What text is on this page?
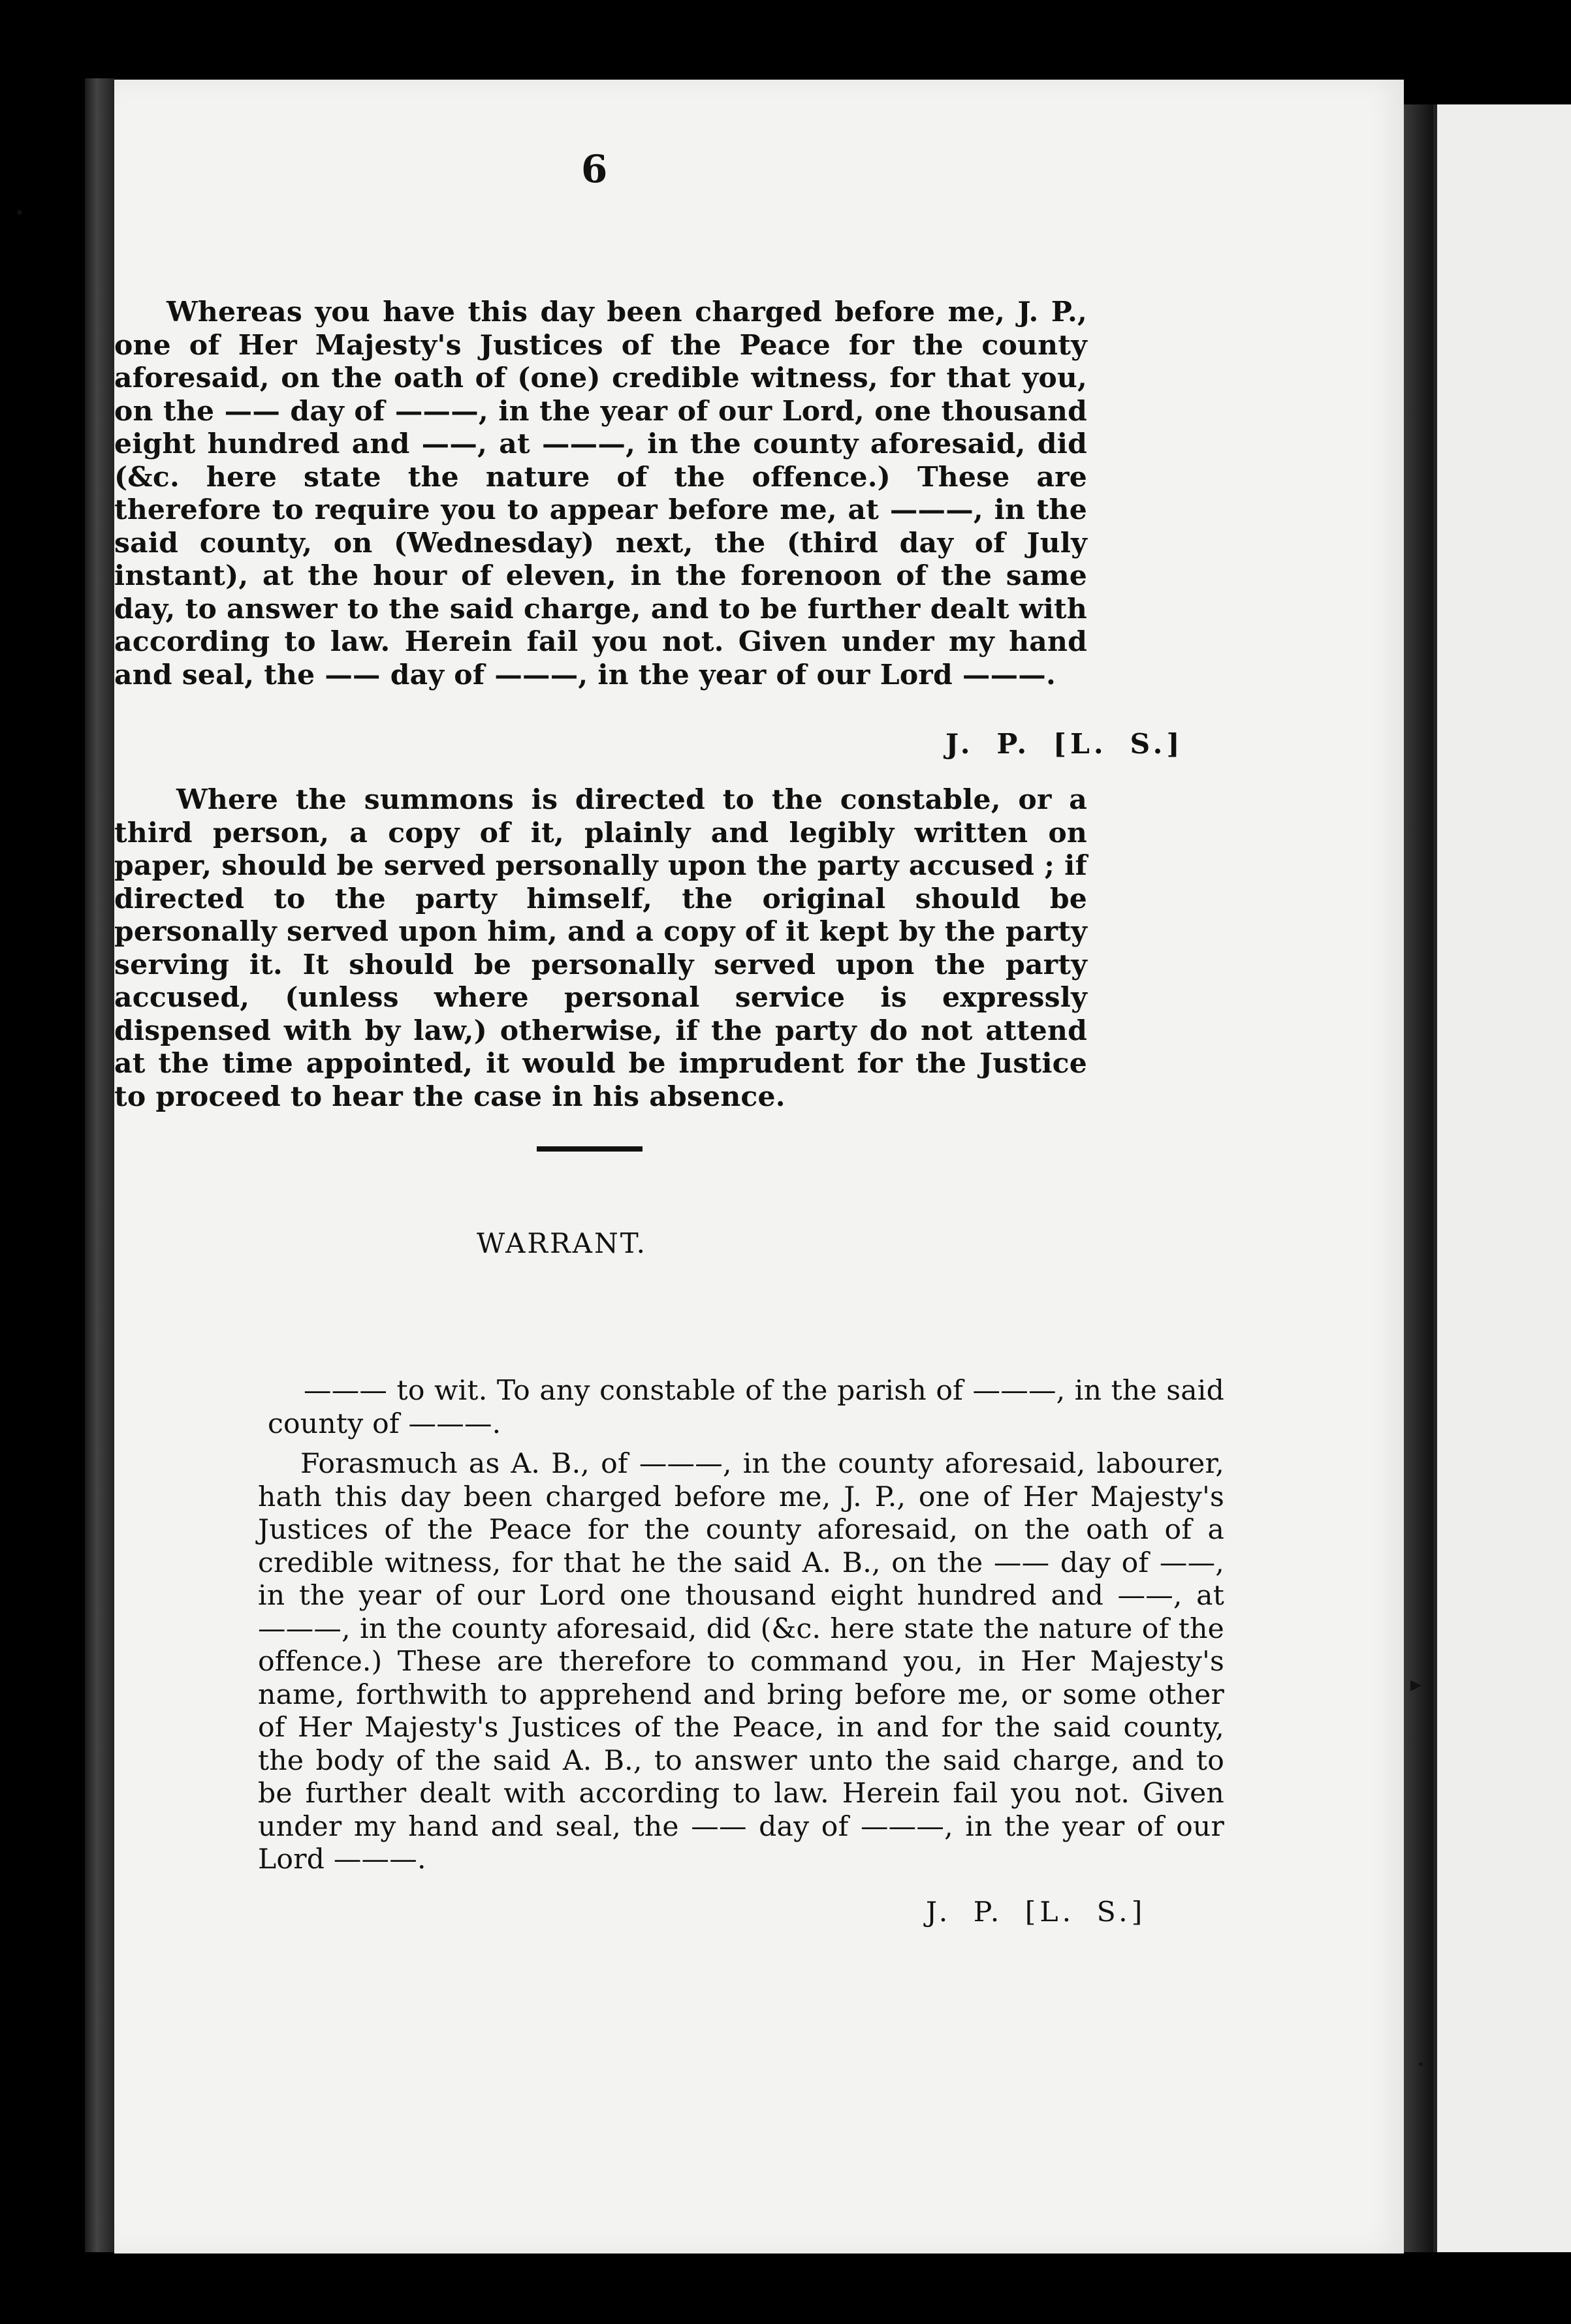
•
▸
•

6

Whereas you have this day been charged before me, J. P., one of Her Majesty's Justices of the Peace for the county aforesaid, on the oath of (one) credible witness, for that you, on the —— day of ———, in the year of our Lord, one thousand eight hundred and ——, at ———, in the county aforesaid, did (&c. here state the nature of the offence.) These are therefore to require you to appear before me, at ———, in the said county, on (Wednesday) next, the (third day of July instant), at the hour of eleven, in the forenoon of the same day, to answer to the said charge, and to be further dealt with according to law. Herein fail you not. Given under my hand and seal, the —— day of ———, in the year of our Lord ———.

J. P. [L. S.]

Where the summons is directed to the constable, or a third person, a copy of it, plainly and legibly written on paper, should be served personally upon the party accused ; if directed to the party himself, the original should be personally served upon him, and a copy of it kept by the party serving it. It should be personally served upon the party accused, (unless where personal service is expressly dispensed with by law,) otherwise, if the party do not attend at the time appointed, it would be imprudent for the Justice to proceed to hear the case in his absence.

WARRANT.

——— to wit. To any constable of the parish of ———, in the said county of ———.

Forasmuch as A. B., of ———, in the county aforesaid, labourer, hath this day been charged before me, J. P., one of Her Majesty's Justices of the Peace for the county aforesaid, on the oath of a credible witness, for that he the said A. B., on the —— day of ——, in the year of our Lord one thousand eight hundred and ——, at ———, in the county aforesaid, did (&c. here state the nature of the offence.) These are therefore to command you, in Her Majesty's name, forthwith to apprehend and bring before me, or some other of Her Majesty's Justices of the Peace, in and for the said county, the body of the said A. B., to answer unto the said charge, and to be further dealt with according to law. Herein fail you not. Given under my hand and seal, the —— day of ———, in the year of our Lord ———.

J. P. [L. S.]
